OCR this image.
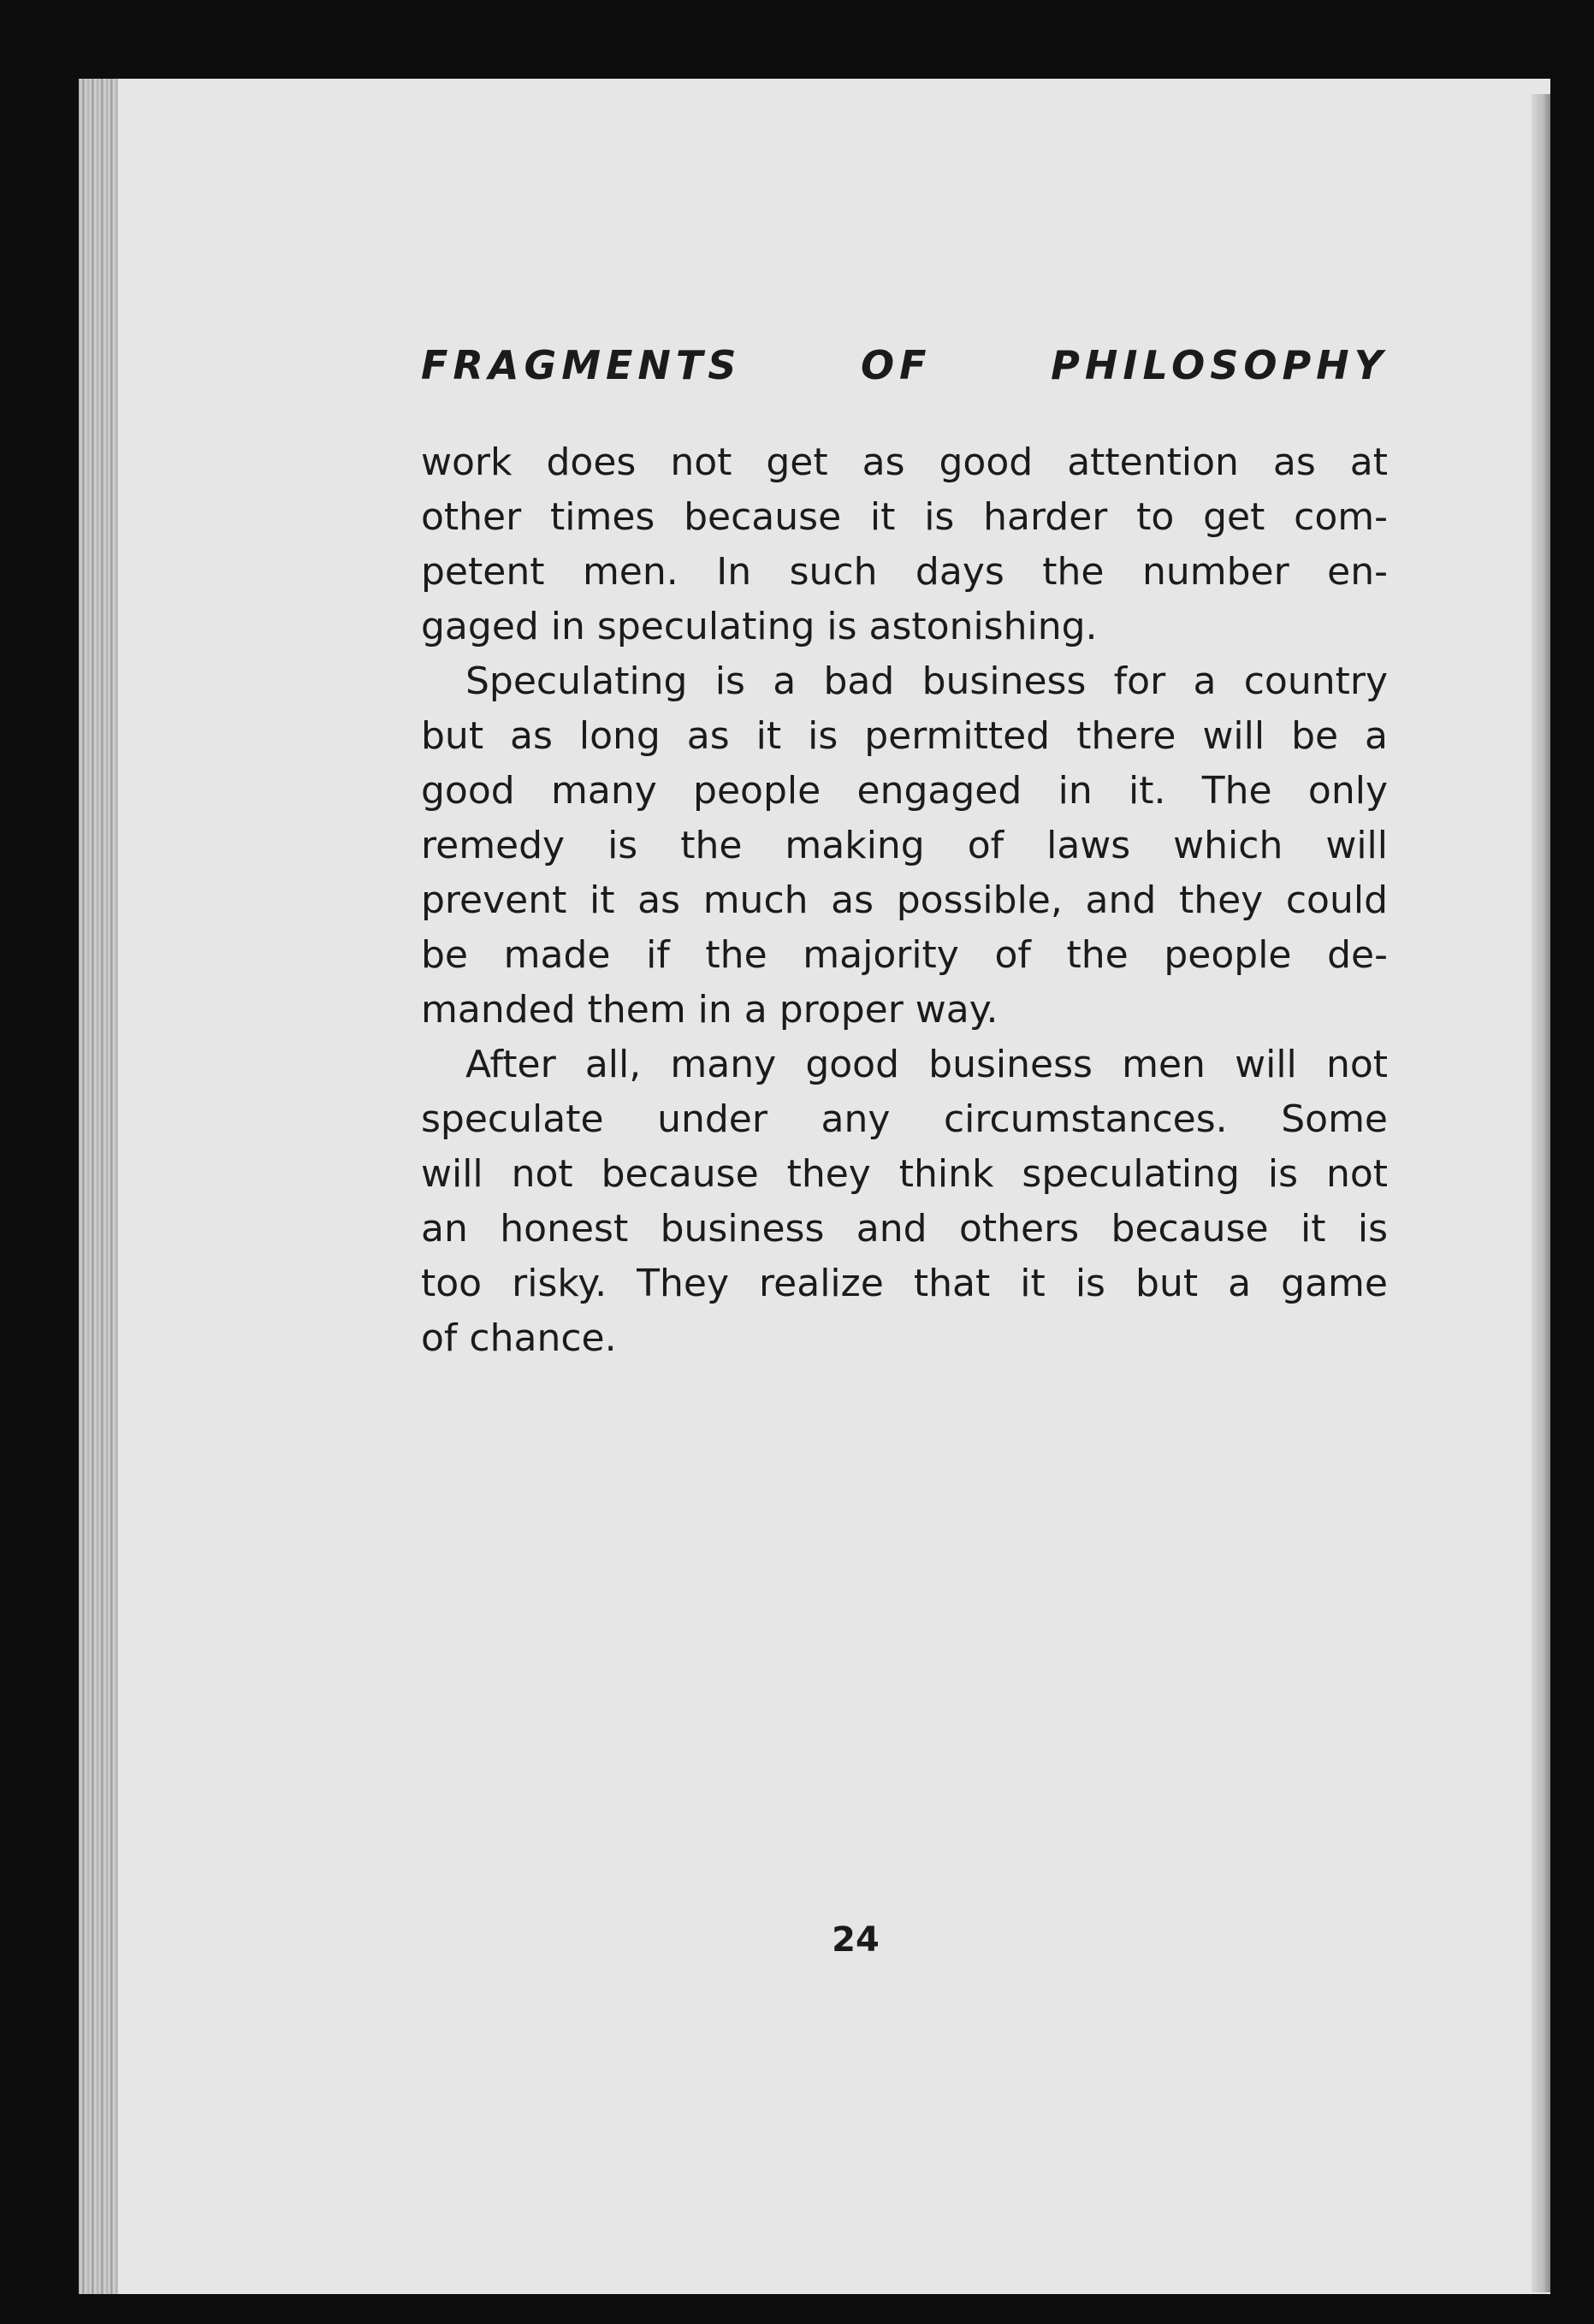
FRAGMENTS	OF	PHILOSOPHY
work does not get as good attention as at
other times because it is harder to get com-
petent men. In such days the number en-
gaged in speculating is astonishing.
Speculating is a bad business for a country
but as long as it is permitted there will be a
good many people engaged in it. The only
remedy is the making of laws which will
prevent it as much as possible, and they could
be made if the majority of the people de-
manded them in a proper way.
After all, many good business men will not
speculate under any circumstances. Some
will not because they think speculating is not
an honest business and others because it is
too risky. They realize that it is but a game
of chance.
24
